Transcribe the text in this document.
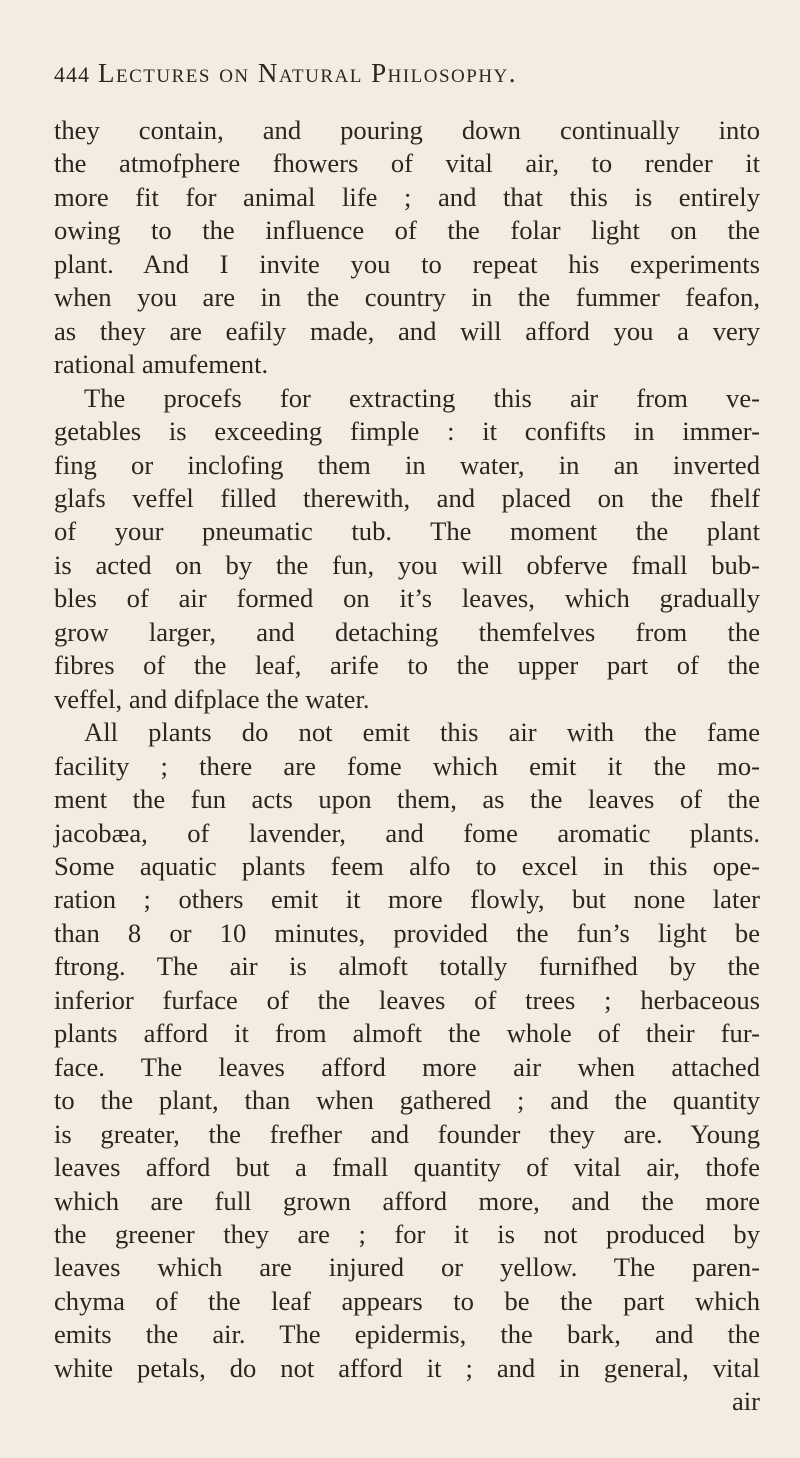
444 Lectures on Natural Philosophy.
they contain, and pouring down continually into
the atmofphere fhowers of vital air, to render it
more fit for animal life ; and that this is entirely
owing to the influence of the folar light on the
plant. And I invite you to repeat his experiments
when you are in the country in the fummer feafon,
as they are eafily made, and will afford you a very
rational amufement.
The procefs for extracting this air from ve-
getables is exceeding fimple : it confifts in immer-
fing or inclofing them in water, in an inverted
glafs veffel filled therewith, and placed on the fhelf
of your pneumatic tub. The moment the plant
is acted on by the fun, you will obferve fmall bub-
bles of air formed on it’s leaves, which gradually
grow larger, and detaching themfelves from the
fibres of the leaf, arife to the upper part of the
veffel, and difplace the water.
All plants do not emit this air with the fame
facility ; there are fome which emit it the mo-
ment the fun acts upon them, as the leaves of the
jacobæa, of lavender, and fome aromatic plants.
Some aquatic plants feem alfo to excel in this ope-
ration ; others emit it more flowly, but none later
than 8 or 10 minutes, provided the fun’s light be
ftrong. The air is almoft totally furnifhed by the
inferior furface of the leaves of trees ; herbaceous
plants afford it from almoft the whole of their fur-
face. The leaves afford more air when attached
to the plant, than when gathered ; and the quantity
is greater, the frefher and founder they are. Young
leaves afford but a fmall quantity of vital air, thofe
which are full grown afford more, and the more
the greener they are ; for it is not produced by
leaves which are injured or yellow. The paren-
chyma of the leaf appears to be the part which
emits the air. The epidermis, the bark, and the
white petals, do not afford it ; and in general, vital
air
